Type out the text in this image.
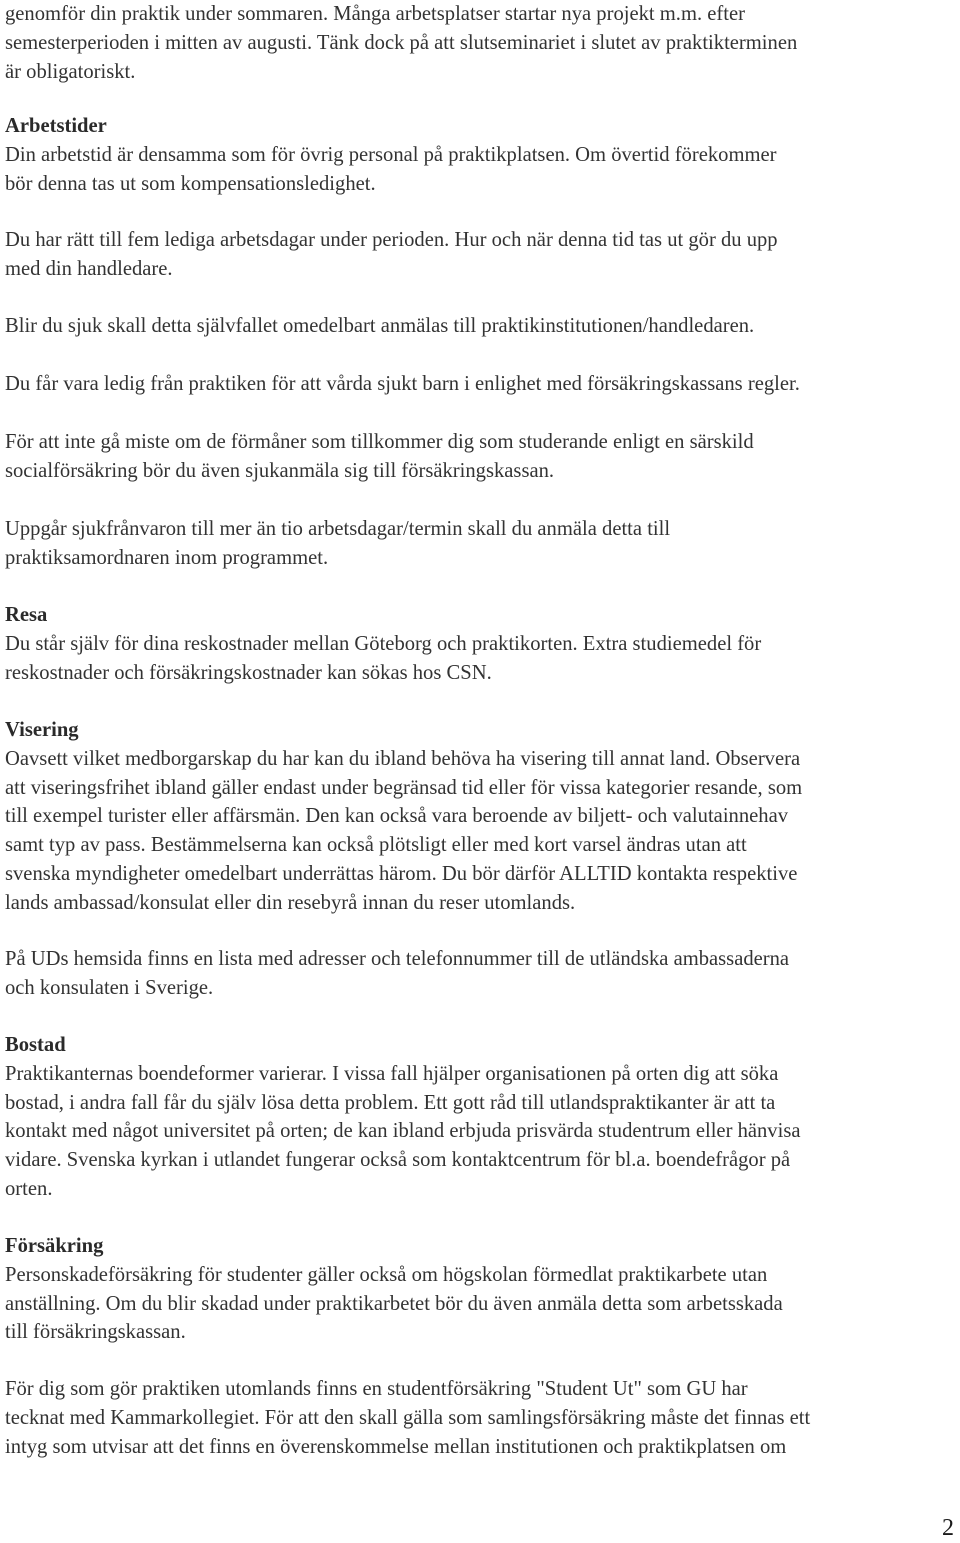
genomför din praktik under sommaren. Många arbetsplatser startar nya projekt m.m. efter
semesterperioden i mitten av augusti. Tänk dock på att slutseminariet i slutet av praktikterminen
är obligatoriskt.

Arbetstider

Din arbetstid är densamma som för övrig personal på praktikplatsen. Om övertid förekommer
bör denna tas ut som kompensationsledighet.

Du har rätt till fem lediga arbetsdagar under perioden. Hur och när denna tid tas ut gör du upp
med din handledare.

Blir du sjuk skall detta självfallet omedelbart anmälas till praktikinstitutionen/handledaren.

Du får vara ledig från praktiken för att vårda sjukt barn i enlighet med försäkringskassans regler.

För att inte gå miste om de förmåner som tillkommer dig som studerande enligt en särskild
socialförsäkring bör du även sjukanmäla sig till försäkringskassan.

Uppgår sjukfrånvaron till mer än tio arbetsdagar/termin skall du anmäla detta till
praktiksamordnaren inom programmet.

Resa

Du står själv för dina reskostnader mellan Göteborg och praktikorten. Extra studiemedel för
reskostnader och försäkringskostnader kan sökas hos CSN.

Visering

Oavsett vilket medborgarskap du har kan du ibland behöva ha visering till annat land. Observera
att viseringsfrihet ibland gäller endast under begränsad tid eller för vissa kategorier resande, som
till exempel turister eller affärsmän. Den kan också vara beroende av biljett- och valutainnehav
samt typ av pass. Bestämmelserna kan också plötsligt eller med kort varsel ändras utan att
svenska myndigheter omedelbart underrättas härom. Du bör därför ALLTID kontakta respektive
lands ambassad/konsulat eller din resebyrå innan du reser utomlands.

På UDs hemsida finns en lista med adresser och telefonnummer till de utländska ambassaderna
och konsulaten i Sverige.

Bostad

Praktikanternas boendeformer varierar. I vissa fall hjälper organisationen på orten dig att söka
bostad, i andra fall får du själv lösa detta problem. Ett gott råd till utlandspraktikanter är att ta
kontakt med något universitet på orten; de kan ibland erbjuda prisvärda studentrum eller hänvisa
vidare. Svenska kyrkan i utlandet fungerar också som kontaktcentrum för bl.a. boendefrågor på
orten.

Försäkring

Personskadeförsäkring för studenter gäller också om högskolan förmedlat praktikarbete utan
anställning. Om du blir skadad under praktikarbetet bör du även anmäla detta som arbetsskada
till försäkringskassan.

För dig som gör praktiken utomlands finns en studentförsäkring "Student Ut" som GU har
tecknat med Kammarkollegiet. För att den skall gälla som samlingsförsäkring måste det finnas ett
intyg som utvisar att det finns en överenskommelse mellan institutionen och praktikplatsen om

2
